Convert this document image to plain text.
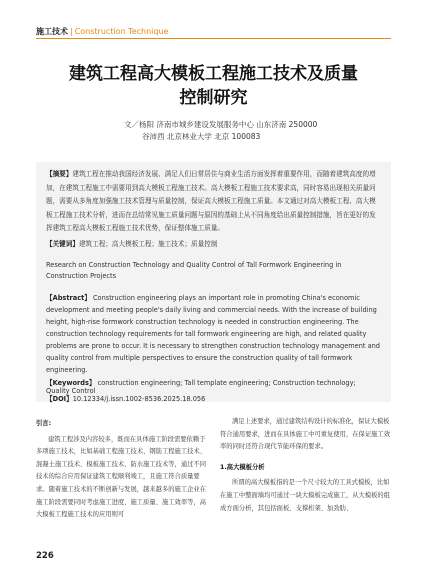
施工技术 | Construction Technique
建筑工程高大模板工程施工技术及质量
控制研究
文／杨阳 济南市城乡建设发展服务中心 山东济南 250000
谷沛西 北京林业大学 北京 100083

【摘要】建筑工程在推动我国经济发展、满足人们日常居住与商业生活方面发挥着重要作用，而随着建筑高度的增加，在建筑工程施工中需要用到高大模板工程施工技术。高大模板工程施工技术要求高，同时容易出现相关质量问题，需要从多角度加强施工技术管理与质量控制，保证高大模板工程施工质量。本文通过对高大模板工程、高大模板工程施工技术分析，进而在总结常见施工质量问题与原因的基础上从不同角度给出质量控制措施，旨在更好的发挥建筑工程高大模板工程施工技术优势，保证整体施工质量。

【关键词】建筑工程；高大模板工程；施工技术；质量控制

Research on Construction Technology and Quality Control of Tall Formwork Engineering in Construction Projects

【Abstract】 Construction engineering plays an important role in promoting China's economic development and meeting people's daily living and commercial needs. With the increase of building height, high-rise formwork construction technology is needed in construction engineering. The construction technology requirements for tall formwork engineering are high, and related quality problems are prone to occur. It is necessary to strengthen construction technology management and quality control from multiple perspectives to ensure the construction quality of tall formwork engineering.

【Keywords】 construction engineering; Tall template engineering; Construction technology; Quality Control

【DOI】10.12334/j.issn.1002-8536.2025.18.056

引言:

建筑工程涉及内容较多，既而在具体施工阶段需要依赖于多项施工技术，比如基础工程施工技术、钢筋工程施工技术、混凝土施工技术、模板施工技术、防水施工技术等，通过不同技术的综合应用保证建筑工程顺利竣工，且施工符合质量要求。随着施工技术的不断创新与发展，越来越多的施工企业在施工阶段需要同时考虑施工进度、施工质量、施工效率等，高大模板工程施工技术的应用则可

满足上述要求，通过建筑结构设计的标准化，保证大模板符合通用要求，进而在具体施工中可重复使用，在保证施工效率的同时还符合现代节能环保的要求。

1.高大模板分析

所谓的高大模板指的是一个尺寸较大的工具式模板，比如在施工中整面墙均可通过一块大模板完成施工，从大模板的组成方面分析，其包括面板、支撑桁架、加劲肋、

226
